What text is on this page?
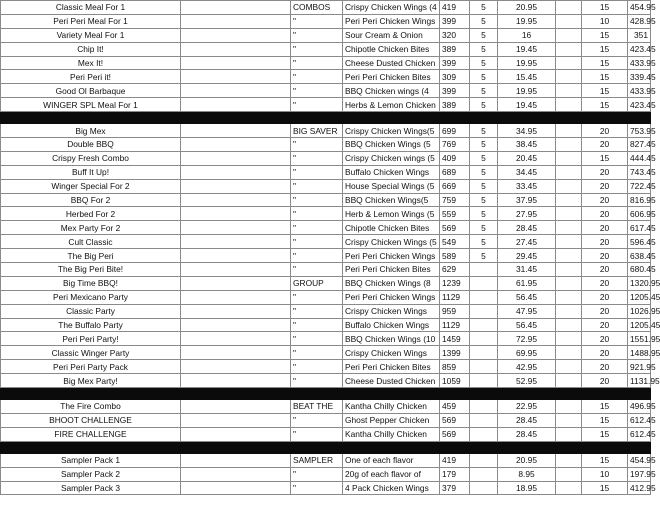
Classic Meal For 1		COMBOS	Crispy Chicken Wings (4	419	5	20.95		15	454.95
Peri Peri Meal For 1		"	Peri Peri Chicken Wings	399	5	19.95		10	428.95
Variety Meal For 1		"	Sour Cream & Onion	320	5	16		15	351
Chip It!		"	Chipotle Chicken Bites	389	5	19.45		15	423.45
Mex It!		"	Cheese Dusted Chicken	399	5	19.95		15	433.95
Peri Peri it!		"	Peri Peri Chicken Bites	309	5	15.45		15	339.45
Good Ol Barbaque		"	BBQ Chicken wings (4	399	5	19.95		15	433.95
WINGER SPL Meal For 1		"	Herbs & Lemon Chicken	389	5	19.45		15	423.45

Big Mex		BIG SAVER	Crispy Chicken Wings(5	699	5	34.95		20	753.95
Double BBQ		"	BBQ Chicken Wings (5	769	5	38.45		20	827.45
Crispy Fresh Combo		"	Crispy Chicken wings (5	409	5	20.45		15	444.45
Buff It Up!		"	Buffalo Chicken Wings	689	5	34.45		20	743.45
Winger Special For 2		"	House Special Wings (5	669	5	33.45		20	722.45
BBQ For 2		"	BBQ Chicken Wings(5	759	5	37.95		20	816.95
Herbed For 2		"	Herb & Lemon Wings (5	559	5	27.95		20	606.95
Mex Party For 2		"	Chipotle Chicken Bites	569	5	28.45		20	617.45
Cult Classic		"	Crispy Chicken Wings (5	549	5	27.45		20	596.45
The Big Peri		"	Peri Peri Chicken Wings	589	5	29.45		20	638.45
The Big Peri Bite!		"	Peri Peri Chicken Bites	629		31.45		20	680.45
Big Time BBQ!		GROUP	BBQ Chicken Wings (8	1239		61.95		20	1320.95
Peri Mexicano Party		"	Peri Peri Chicken Wings	1129		56.45		20	1205.45
Classic Party		"	Crispy Chicken Wings	959		47.95		20	1026.95
The Buffalo Party		"	Buffalo Chicken Wings	1129		56.45		20	1205.45
Peri Peri Party!		"	BBQ Chicken Wings (10	1459		72.95		20	1551.95
Classic Winger Party		"	Crispy Chicken Wings	1399		69.95		20	1488.95
Peri Peri Party Pack		"	Peri Peri Chicken Bites	859		42.95		20	921.95
Big Mex Party!		"	Cheese Dusted Chicken	1059		52.95		20	1131.95

The Fire Combo		BEAT THE	Kantha Chilly Chicken	459		22.95		15	496.95
BHOOT CHALLENGE		"	Ghost Pepper Chicken	569		28.45		15	612.45
FIRE CHALLENGE		"	Kantha Chilly Chicken	569		28.45		15	612.45

Sampler Pack 1		SAMPLER	One of each flavor	419		20.95		15	454.95
Sampler Pack 2		"	20g of each flavor of	179		8.95		10	197.95
Sampler Pack 3		"	4 Pack Chicken Wings	379		18.95		15	412.95
